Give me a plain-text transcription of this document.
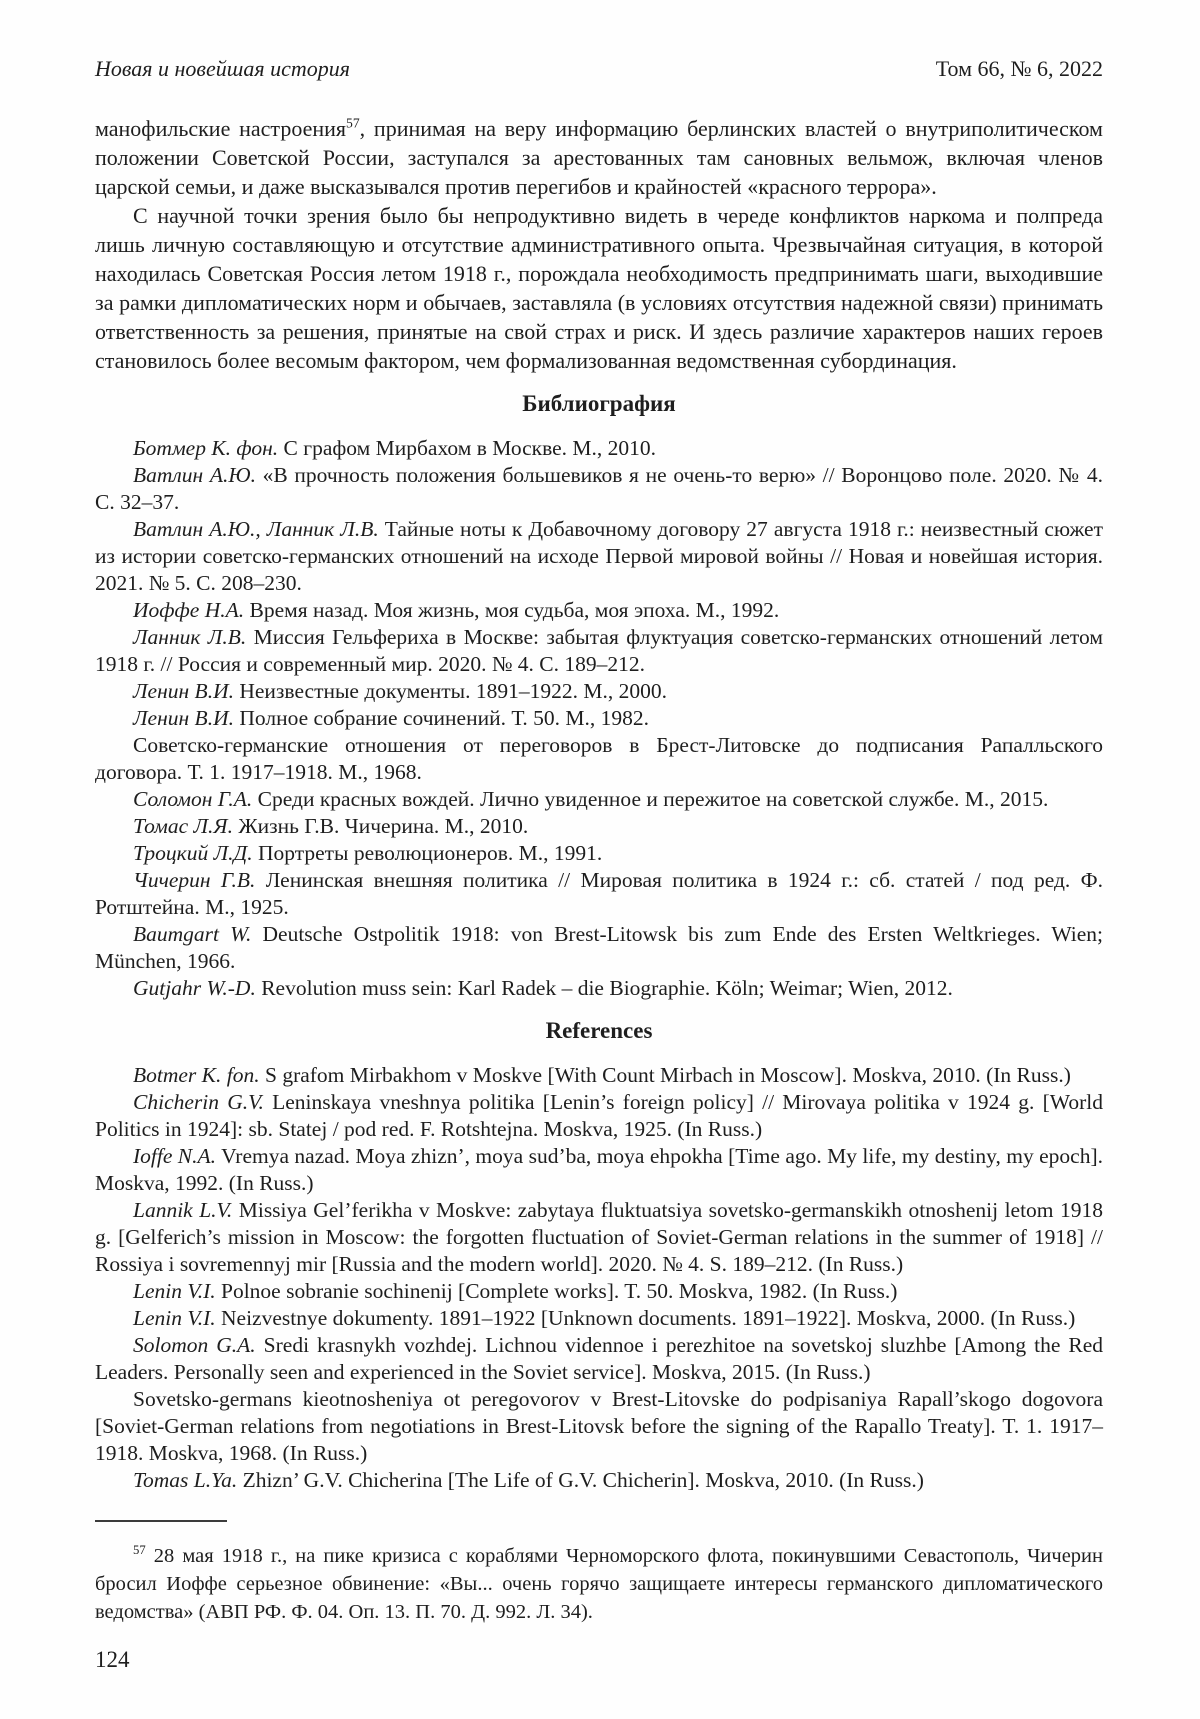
Новая и новейшая история	Том 66, № 6, 2022

манофильские настроения$^{57}$, принимая на веру информацию берлинских властей о внутриполитическом положении Советской России, заступался за арестованных там сановных вельмож, включая членов царской семьи, и даже высказывался против перегибов и крайностей «красного террора».

С научной точки зрения было бы непродуктивно видеть в череде конфликтов наркома и полпреда лишь личную составляющую и отсутствие административного опыта. Чрезвычайная ситуация, в которой находилась Советская Россия летом 1918 г., порождала необходимость предпринимать шаги, выходившие за рамки дипломатических норм и обычаев, заставляла (в условиях отсутствия надежной связи) принимать ответственность за решения, принятые на свой страх и риск. И здесь различие характеров наших героев становилось более весомым фактором, чем формализованная ведомственная субординация.

Библиография

Ботмер К. фон. С графом Мирбахом в Москве. М., 2010.

Ватлин А.Ю. «В прочность положения большевиков я не очень-то верю» // Воронцово поле. 2020. № 4. С. 32–37.

Ватлин А.Ю., Ланник Л.В. Тайные ноты к Добавочному договору 27 августа 1918 г.: неизвестный сюжет из истории советско-германских отношений на исходе Первой мировой войны // Новая и новейшая история. 2021. № 5. С. 208–230.

Иоффе Н.А. Время назад. Моя жизнь, моя судьба, моя эпоха. М., 1992.

Ланник Л.В. Миссия Гельфериха в Москве: забытая флуктуация советско-германских отношений летом 1918 г. // Россия и современный мир. 2020. № 4. С. 189–212.

Ленин В.И. Неизвестные документы. 1891–1922. М., 2000.

Ленин В.И. Полное собрание сочинений. Т. 50. М., 1982.

Советско-германские отношения от переговоров в Брест-Литовске до подписания Рапалльского договора. Т. 1. 1917–1918. М., 1968.

Соломон Г.А. Среди красных вождей. Лично увиденное и пережитое на советской службе. М., 2015.

Томас Л.Я. Жизнь Г.В. Чичерина. М., 2010.

Троцкий Л.Д. Портреты революционеров. М., 1991.

Чичерин Г.В. Ленинская внешняя политика // Мировая политика в 1924 г.: сб. статей / под ред. Ф. Ротштейна. М., 1925.

Baumgart W. Deutsche Ostpolitik 1918: von Brest-Litowsk bis zum Ende des Ersten Weltkrieges. Wien; München, 1966.

Gutjahr W.-D. Revolution muss sein: Karl Radek – die Biographie. Köln; Weimar; Wien, 2012.

References

Botmer K. fon. S grafom Mirbakhom v Moskve [With Count Mirbach in Moscow]. Moskva, 2010. (In Russ.)

Chicherin G.V. Leninskaya vneshnya politika [Lenin’s foreign policy] // Mirovaya politika v 1924 g. [World Politics in 1924]: sb. Statej / pod red. F. Rotshtejna. Moskva, 1925. (In Russ.)

Ioffe N.A. Vremya nazad. Moya zhizn’, moya sud’ba, moya ehpokha [Time ago. My life, my destiny, my epoch]. Moskva, 1992. (In Russ.)

Lannik L.V. Missiya Gel’ferikha v Moskve: zabytaya fluktuatsiya sovetsko-germanskikh otnoshenij letom 1918 g. [Gelferich’s mission in Moscow: the forgotten fluctuation of Soviet-German relations in the summer of 1918] // Rossiya i sovremennyj mir [Russia and the modern world]. 2020. № 4. S. 189–212. (In Russ.)

Lenin V.I. Polnoe sobranie sochinenij [Complete works]. T. 50. Moskva, 1982. (In Russ.)

Lenin V.I. Neizvestnye dokumenty. 1891–1922 [Unknown documents. 1891–1922]. Moskva, 2000. (In Russ.)

Solomon G.A. Sredi krasnykh vozhdej. Lichnou vidennoe i perezhitoe na sovetskoj sluzhbe [Among the Red Leaders. Personally seen and experienced in the Soviet service]. Moskva, 2015. (In Russ.)

Sovetsko-germans kieotnosheniya ot peregovorov v Brest-Litovske do podpisaniya Rapall’skogo dogovora [Soviet-German relations from negotiations in Brest-Litovsk before the signing of the Rapallo Treaty]. T. 1. 1917–1918. Moskva, 1968. (In Russ.)

Tomas L.Ya. Zhizn’ G.V. Chicherina [The Life of G.V. Chicherin]. Moskva, 2010. (In Russ.)

$^{57}$ 28 мая 1918 г., на пике кризиса с кораблями Черноморского флота, покинувшими Севастополь, Чичерин бросил Иоффе серьезное обвинение: «Вы... очень горячо защищаете интересы германского дипломатического ведомства» (АВП РФ. Ф. 04. Оп. 13. П. 70. Д. 992. Л. 34).

124
